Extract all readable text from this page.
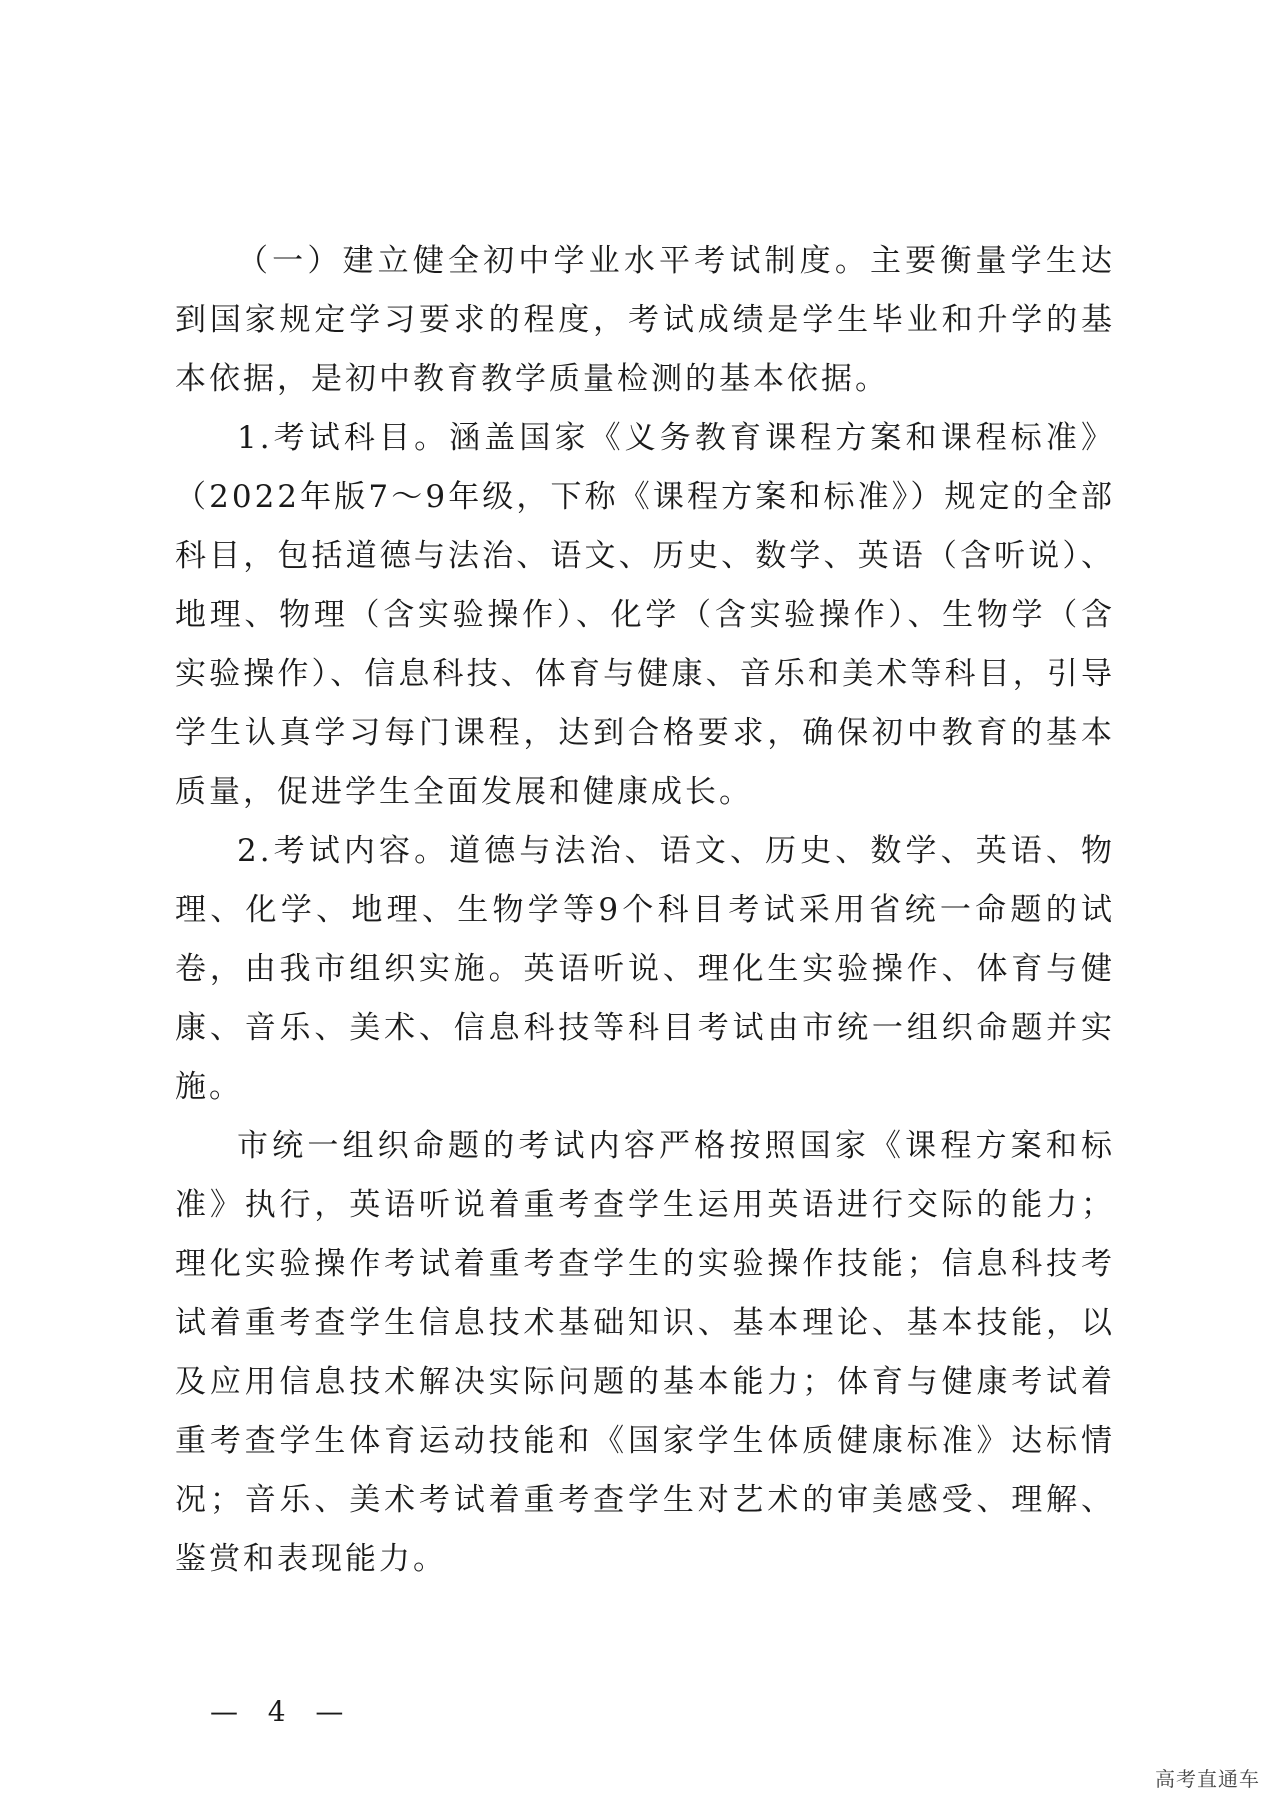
（一）建立健全初中学业水平考试制度。主要衡量学生达到国家规定学习要求的程度，考试成绩是学生毕业和升学的基本依据，是初中教育教学质量检测的基本依据。

1.考试科目。涵盖国家《义务教育课程方案和课程标准》（2022年版7～9年级，下称《课程方案和标准》）规定的全部科目，包括道德与法治、语文、历史、数学、英语（含听说）、地理、物理（含实验操作）、化学（含实验操作）、生物学（含实验操作）、信息科技、体育与健康、音乐和美术等科目，引导学生认真学习每门课程，达到合格要求，确保初中教育的基本质量，促进学生全面发展和健康成长。

2.考试内容。道德与法治、语文、历史、数学、英语、物理、化学、地理、生物学等9个科目考试采用省统一命题的试卷，由我市组织实施。英语听说、理化生实验操作、体育与健康、音乐、美术、信息科技等科目考试由市统一组织命题并实施。

市统一组织命题的考试内容严格按照国家《课程方案和标准》执行，英语听说着重考查学生运用英语进行交际的能力；理化实验操作考试着重考查学生的实验操作技能；信息科技考试着重考查学生信息技术基础知识、基本理论、基本技能，以及应用信息技术解决实际问题的基本能力；体育与健康考试着重考查学生体育运动技能和《国家学生体质健康标准》达标情况；音乐、美术考试着重考查学生对艺术的审美感受、理解、鉴赏和表现能力。

—  4  —
高考直通车
